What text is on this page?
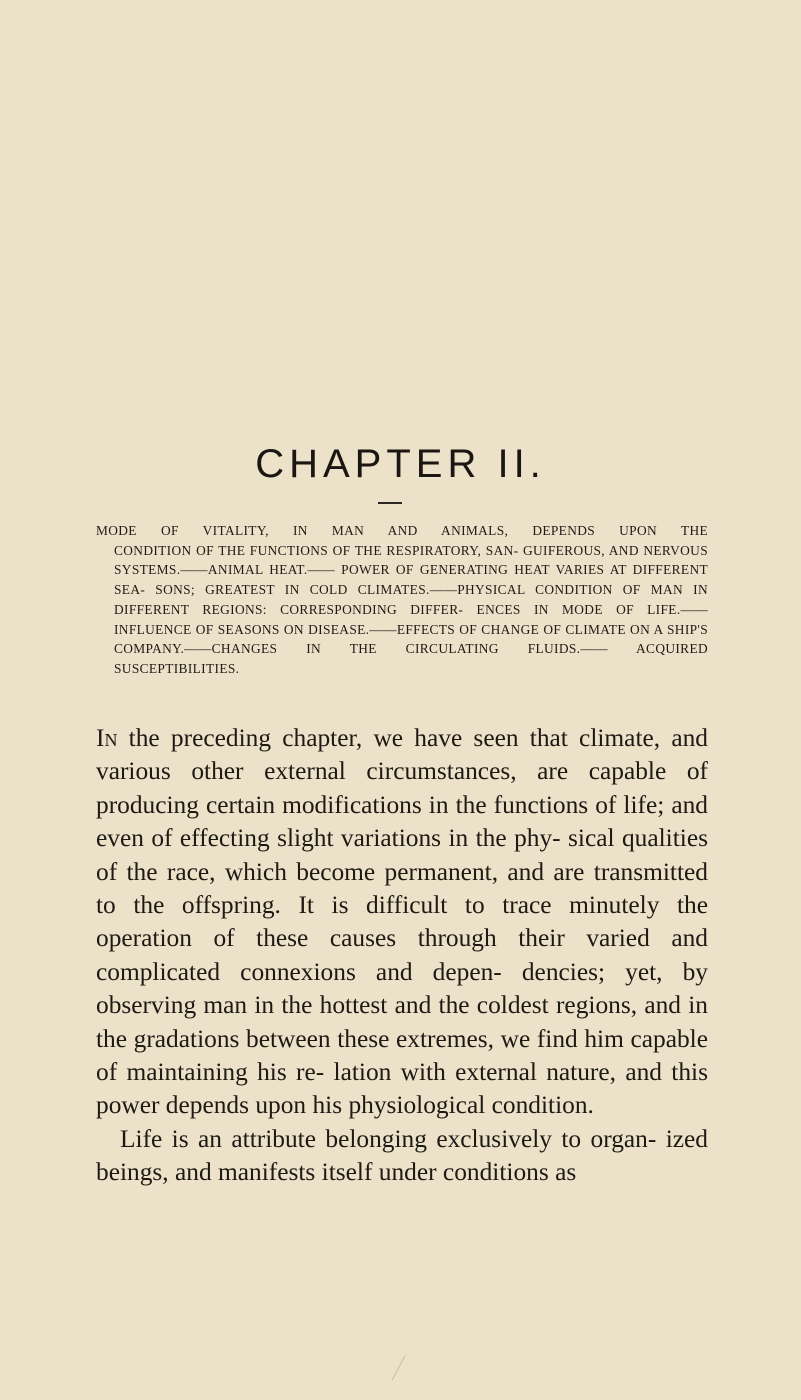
CHAPTER II.
MODE OF VITALITY, IN MAN AND ANIMALS, DEPENDS UPON THE
CONDITION OF THE FUNCTIONS OF THE RESPIRATORY, SAN- GUIFEROUS, AND NERVOUS SYSTEMS.——ANIMAL HEAT.—— POWER OF GENERATING HEAT VARIES AT DIFFERENT SEA- SONS; GREATEST IN COLD CLIMATES.——PHYSICAL CONDITION OF MAN IN DIFFERENT REGIONS: CORRESPONDING DIFFER- ENCES IN MODE OF LIFE.——INFLUENCE OF SEASONS ON DISEASE.——EFFECTS OF CHANGE OF CLIMATE ON A SHIP'S COMPANY.——CHANGES IN THE CIRCULATING FLUIDS.—— ACQUIRED SUSCEPTIBILITIES.

In the preceding chapter, we have seen that climate, and various other external circumstances, are capable of producing certain modifications in the functions of life; and even of effecting slight variations in the phy- sical qualities of the race, which become permanent, and are transmitted to the offspring. It is difficult to trace minutely the operation of these causes through their varied and complicated connexions and depen- dencies; yet, by observing man in the hottest and the coldest regions, and in the gradations between these extremes, we find him capable of maintaining his re- lation with external nature, and this power depends upon his physiological condition.

Life is an attribute belonging exclusively to organ- ized beings, and manifests itself under conditions as
